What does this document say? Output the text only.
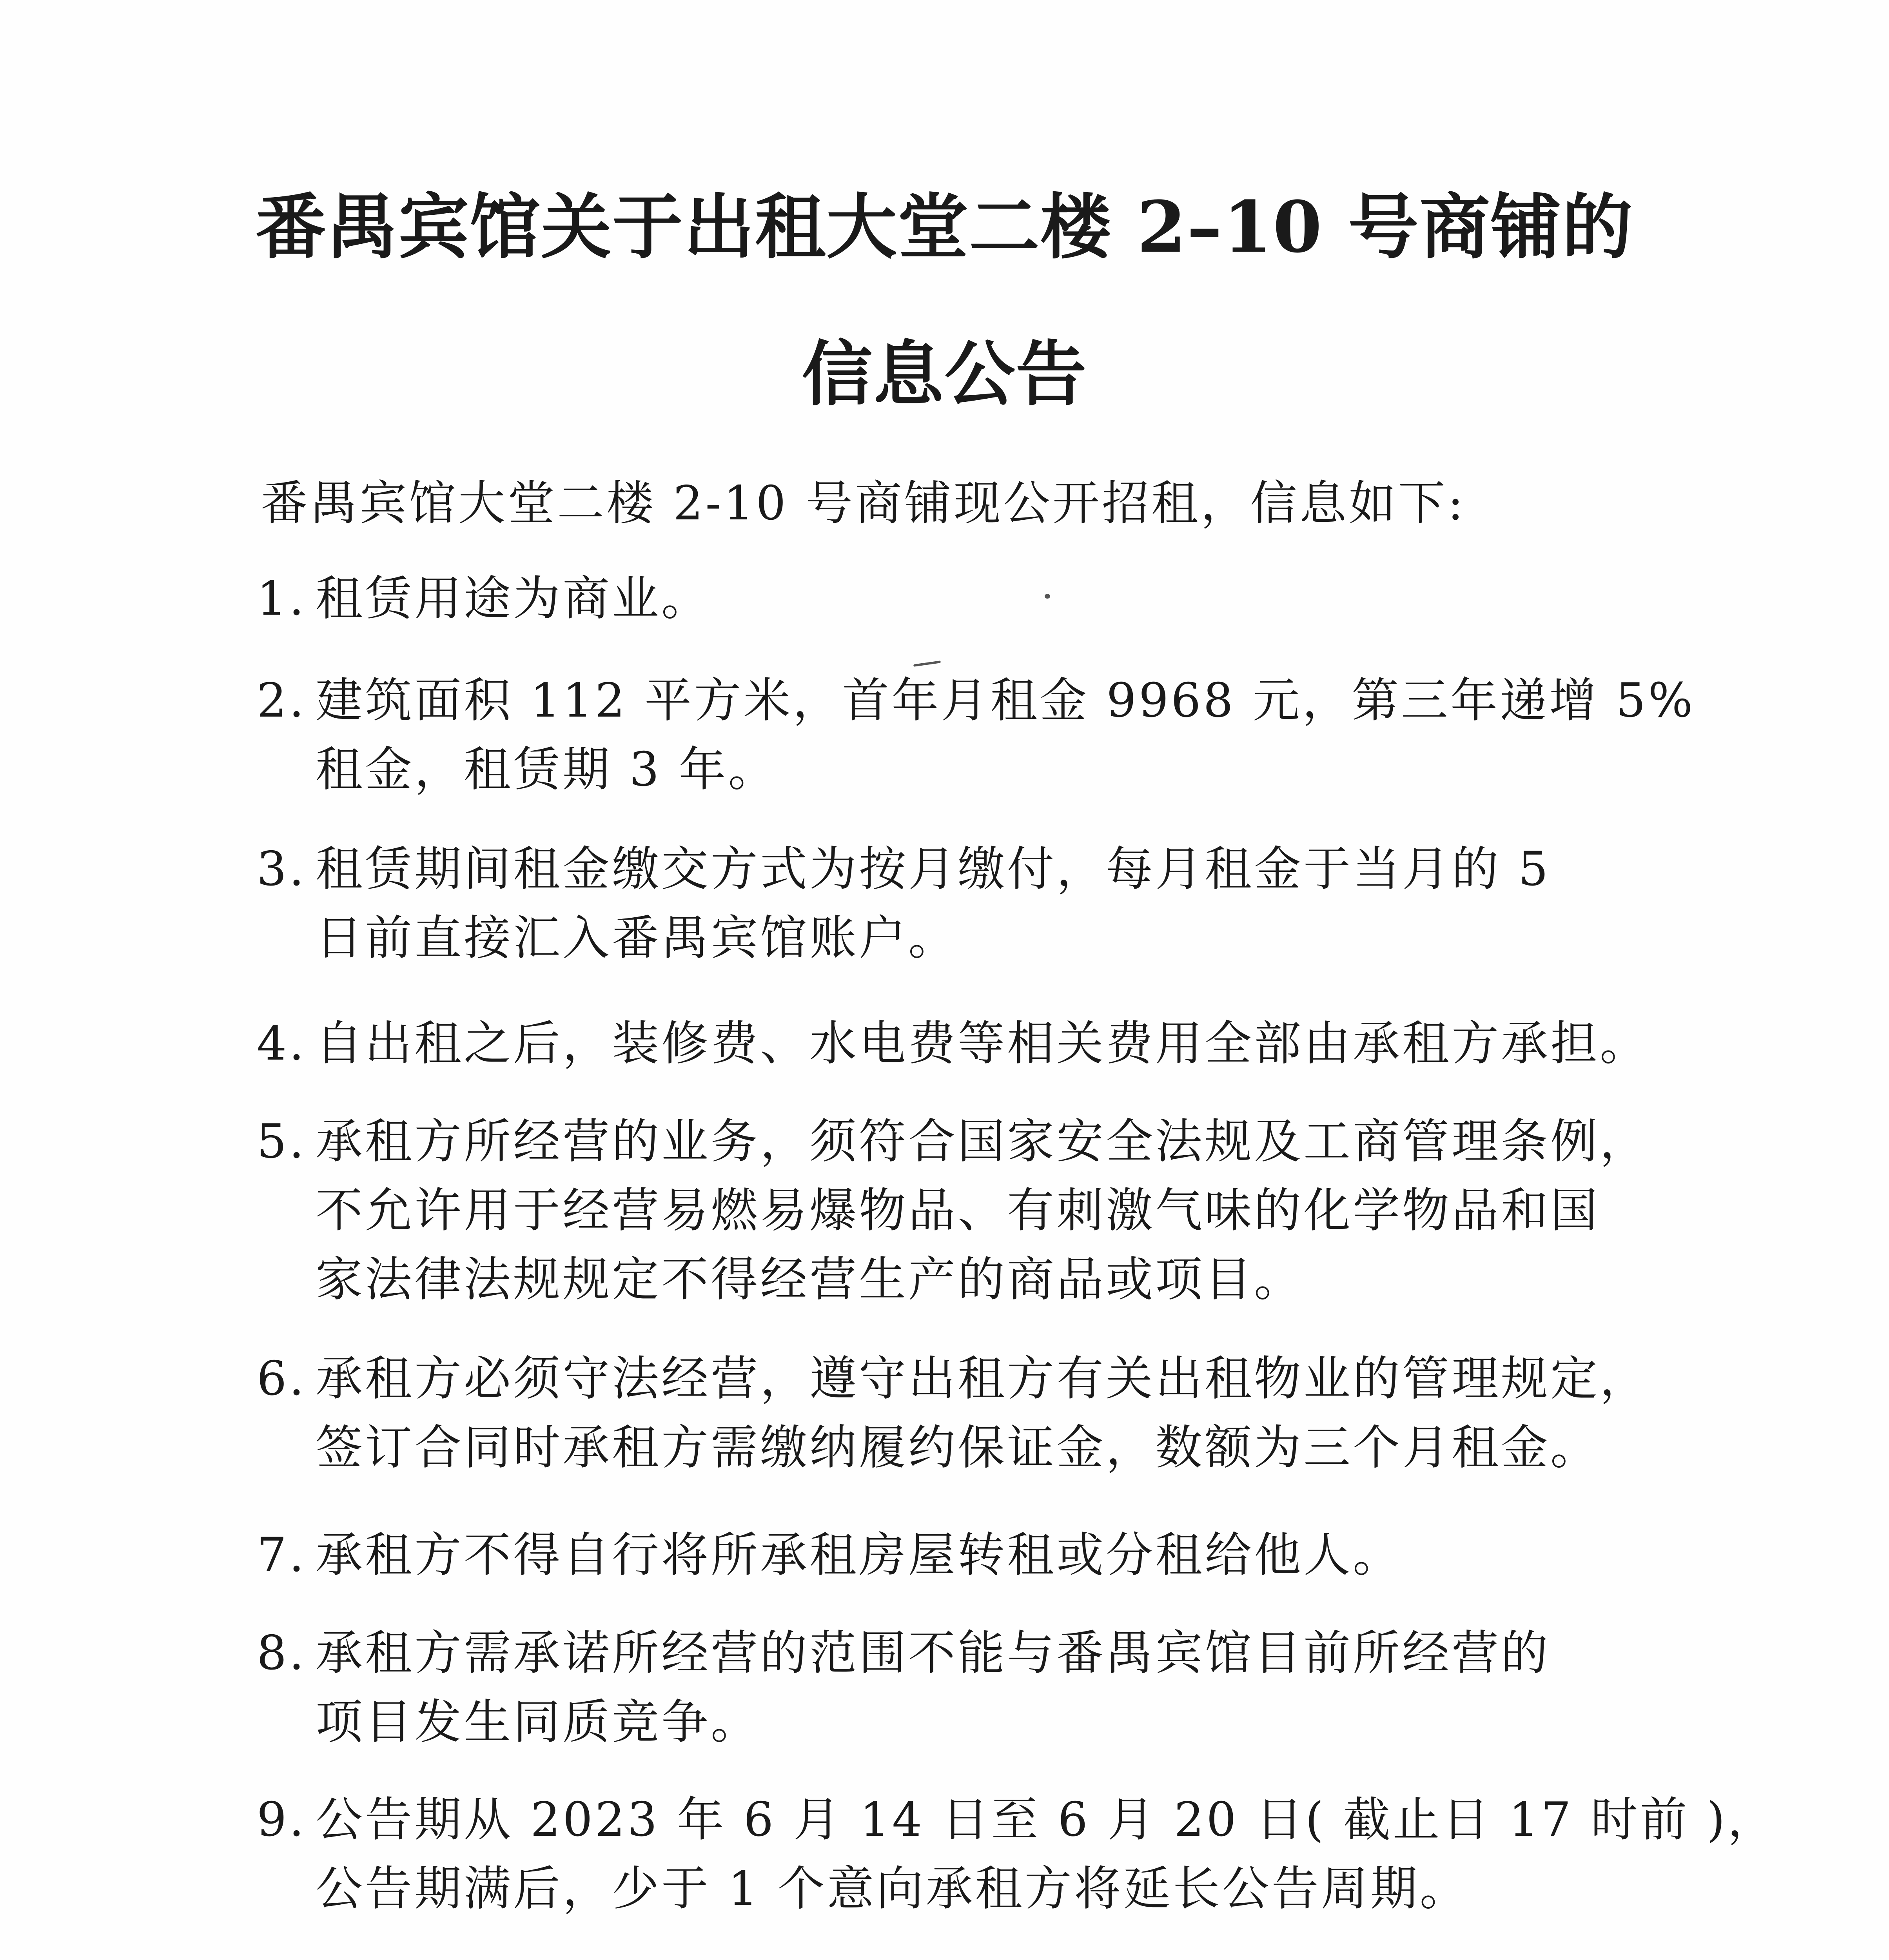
番禺宾馆关于出租大堂二楼 2–10 号商铺的
信息公告
番禺宾馆大堂二楼 2-10 号商铺现公开招租，信息如下:
1. 租赁用途为商业。
2. 建筑面积 112 平方米，首年月租金 9968 元，第三年递增 5%
租金，租赁期 3 年。
3. 租赁期间租金缴交方式为按月缴付，每月租金于当月的 5
日前直接汇入番禺宾馆账户。
4. 自出租之后，装修费、水电费等相关费用全部由承租方承担。
5. 承租方所经营的业务，须符合国家安全法规及工商管理条例，
不允许用于经营易燃易爆物品、有刺激气味的化学物品和国
家法律法规规定不得经营生产的商品或项目。
6. 承租方必须守法经营，遵守出租方有关出租物业的管理规定，
签订合同时承租方需缴纳履约保证金，数额为三个月租金。
7. 承租方不得自行将所承租房屋转租或分租给他人。
8. 承租方需承诺所经营的范围不能与番禺宾馆目前所经营的
项目发生同质竞争。
9. 公告期从 2023 年 6 月 14 日至 6 月 20 日( 截止日 17 时前 )，
公告期满后，少于 1 个意向承租方将延长公告周期。
